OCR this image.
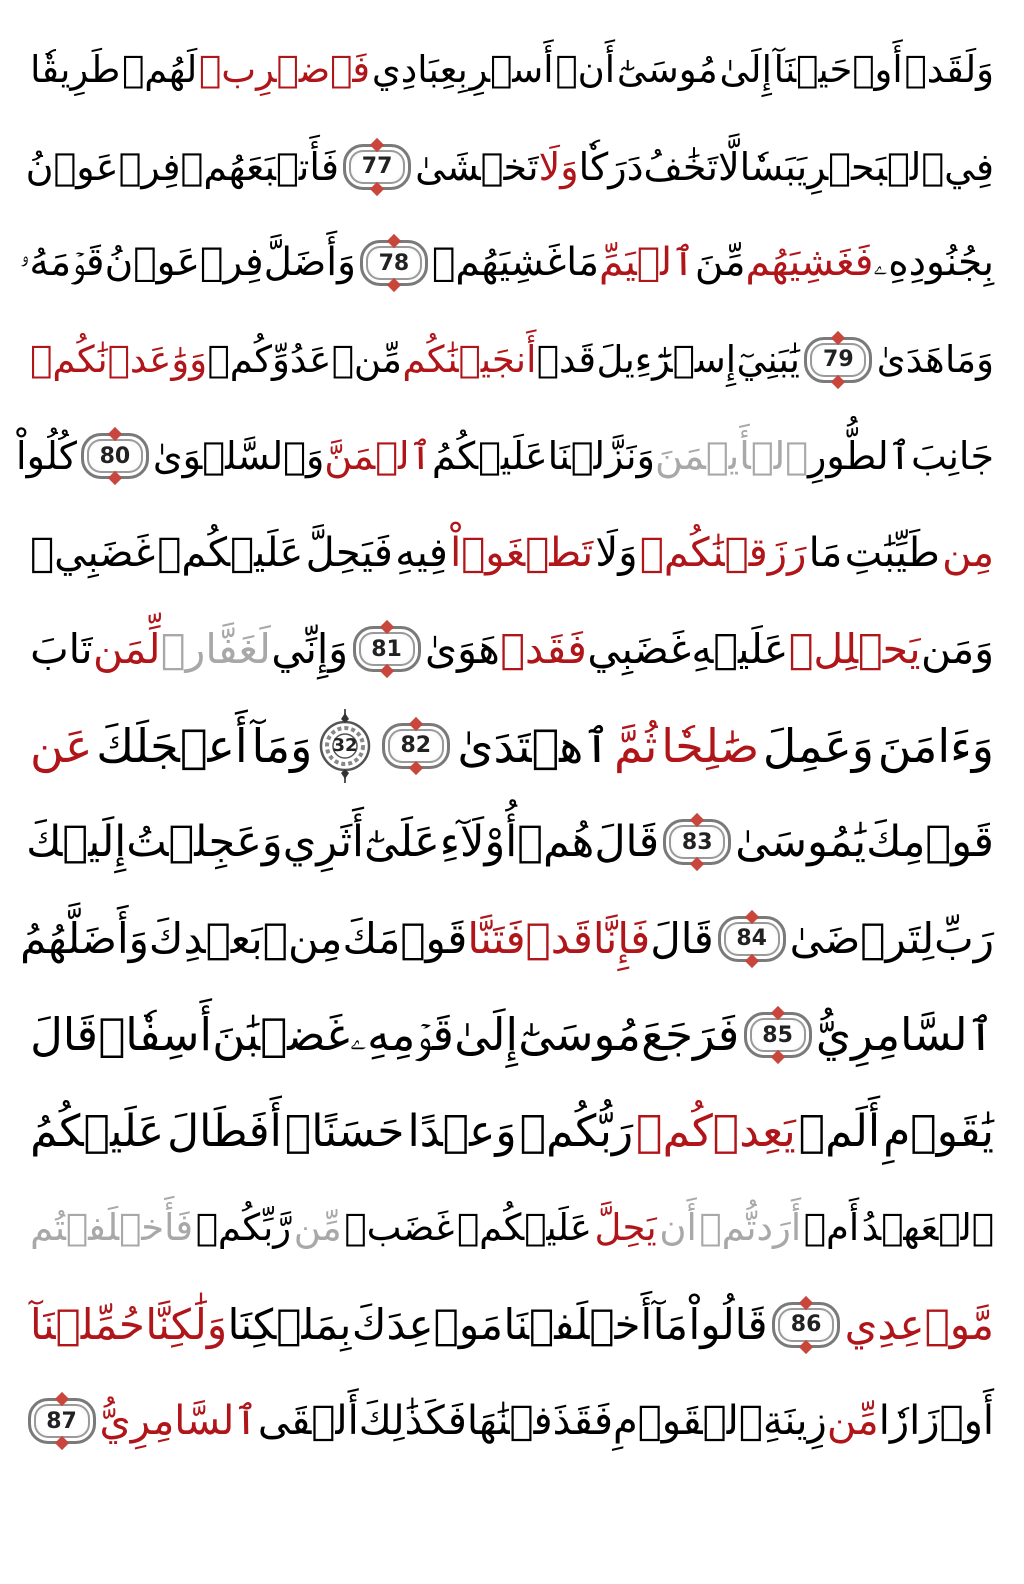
وَلَقَدۡ
أَوۡحَيۡنَآ
إِلَىٰ
مُوسَىٰٓ
أَنۡ
أَسۡرِ
بِعِبَادِي
فَٱضۡرِبۡ
لَهُمۡ
طَرِيقٗا
فِي
ٱلۡبَحۡرِ
يَبَسٗا
لَّا
تَخَٰفُ
دَرَكٗا
وَلَا
تَخۡشَىٰ
77
فَأَتۡبَعَهُمۡ
فِرۡعَوۡنُ
بِجُنُودِهِۦ
فَغَشِيَهُم
مِّنَ
ٱلۡيَمِّ
مَا
غَشِيَهُمۡ
78
وَأَضَلَّ
فِرۡعَوۡنُ
قَوۡمَهُۥ
وَمَا
هَدَىٰ
79
يَٰبَنِيٓ
إِسۡرَٰٓءِيلَ
قَدۡ
أَنجَيۡنَٰكُم
مِّنۡ
عَدُوِّكُمۡ
وَوَٰعَدۡنَٰكُمۡ
جَانِبَ
ٱلطُّورِ
ٱلۡأَيۡمَنَ
وَنَزَّلۡنَا
عَلَيۡكُمُ
ٱلۡمَنَّ
وَٱلسَّلۡوَىٰ
80
كُلُواْ
مِن
طَيِّبَٰتِ
مَا
رَزَقۡنَٰكُمۡ
وَلَا
تَطۡغَوۡاْ
فِيهِ
فَيَحِلَّ
عَلَيۡكُمۡ
غَضَبِيۖ
وَمَن
يَحۡلِلۡ
عَلَيۡهِ
غَضَبِي
فَقَدۡ
هَوَىٰ
81
وَإِنِّي
لَغَفَّارٞ
لِّمَن
تَابَ
وَءَامَنَ
وَعَمِلَ
صَٰلِحٗا
ثُمَّ
ٱهۡتَدَىٰ
82
32
وَمَآ
أَعۡجَلَكَ
عَن
قَوۡمِكَ
يَٰمُوسَىٰ
83
قَالَ
هُمۡ
أُوْلَآءِ
عَلَىٰٓ
أَثَرِي
وَعَجِلۡتُ
إِلَيۡكَ
رَبِّ
لِتَرۡضَىٰ
84
قَالَ
فَإِنَّا
قَدۡ
فَتَنَّا
قَوۡمَكَ
مِنۢ
بَعۡدِكَ
وَأَضَلَّهُمُ
ٱلسَّامِرِيُّ
85
فَرَجَعَ
مُوسَىٰٓ
إِلَىٰ
قَوۡمِهِۦ
غَضۡبَٰنَ
أَسِفٗاۚ
قَالَ
يَٰقَوۡمِ
أَلَمۡ
يَعِدۡكُمۡ
رَبُّكُمۡ
وَعۡدًا
حَسَنًاۚ
أَفَطَالَ
عَلَيۡكُمُ
ٱلۡعَهۡدُ
أَمۡ
أَرَدتُّمۡ
أَن
يَحِلَّ
عَلَيۡكُمۡ
غَضَبٞ
مِّن
رَّبِّكُمۡ
فَأَخۡلَفۡتُم
مَّوۡعِدِي
86
قَالُواْ
مَآ
أَخۡلَفۡنَا
مَوۡعِدَكَ
بِمَلۡكِنَا
وَلَٰكِنَّا
حُمِّلۡنَآ
أَوۡزَارٗا
مِّن
زِينَةِ
ٱلۡقَوۡمِ
فَقَذَفۡنَٰهَا
فَكَذَٰلِكَ
أَلۡقَى
ٱلسَّامِرِيُّ
87
